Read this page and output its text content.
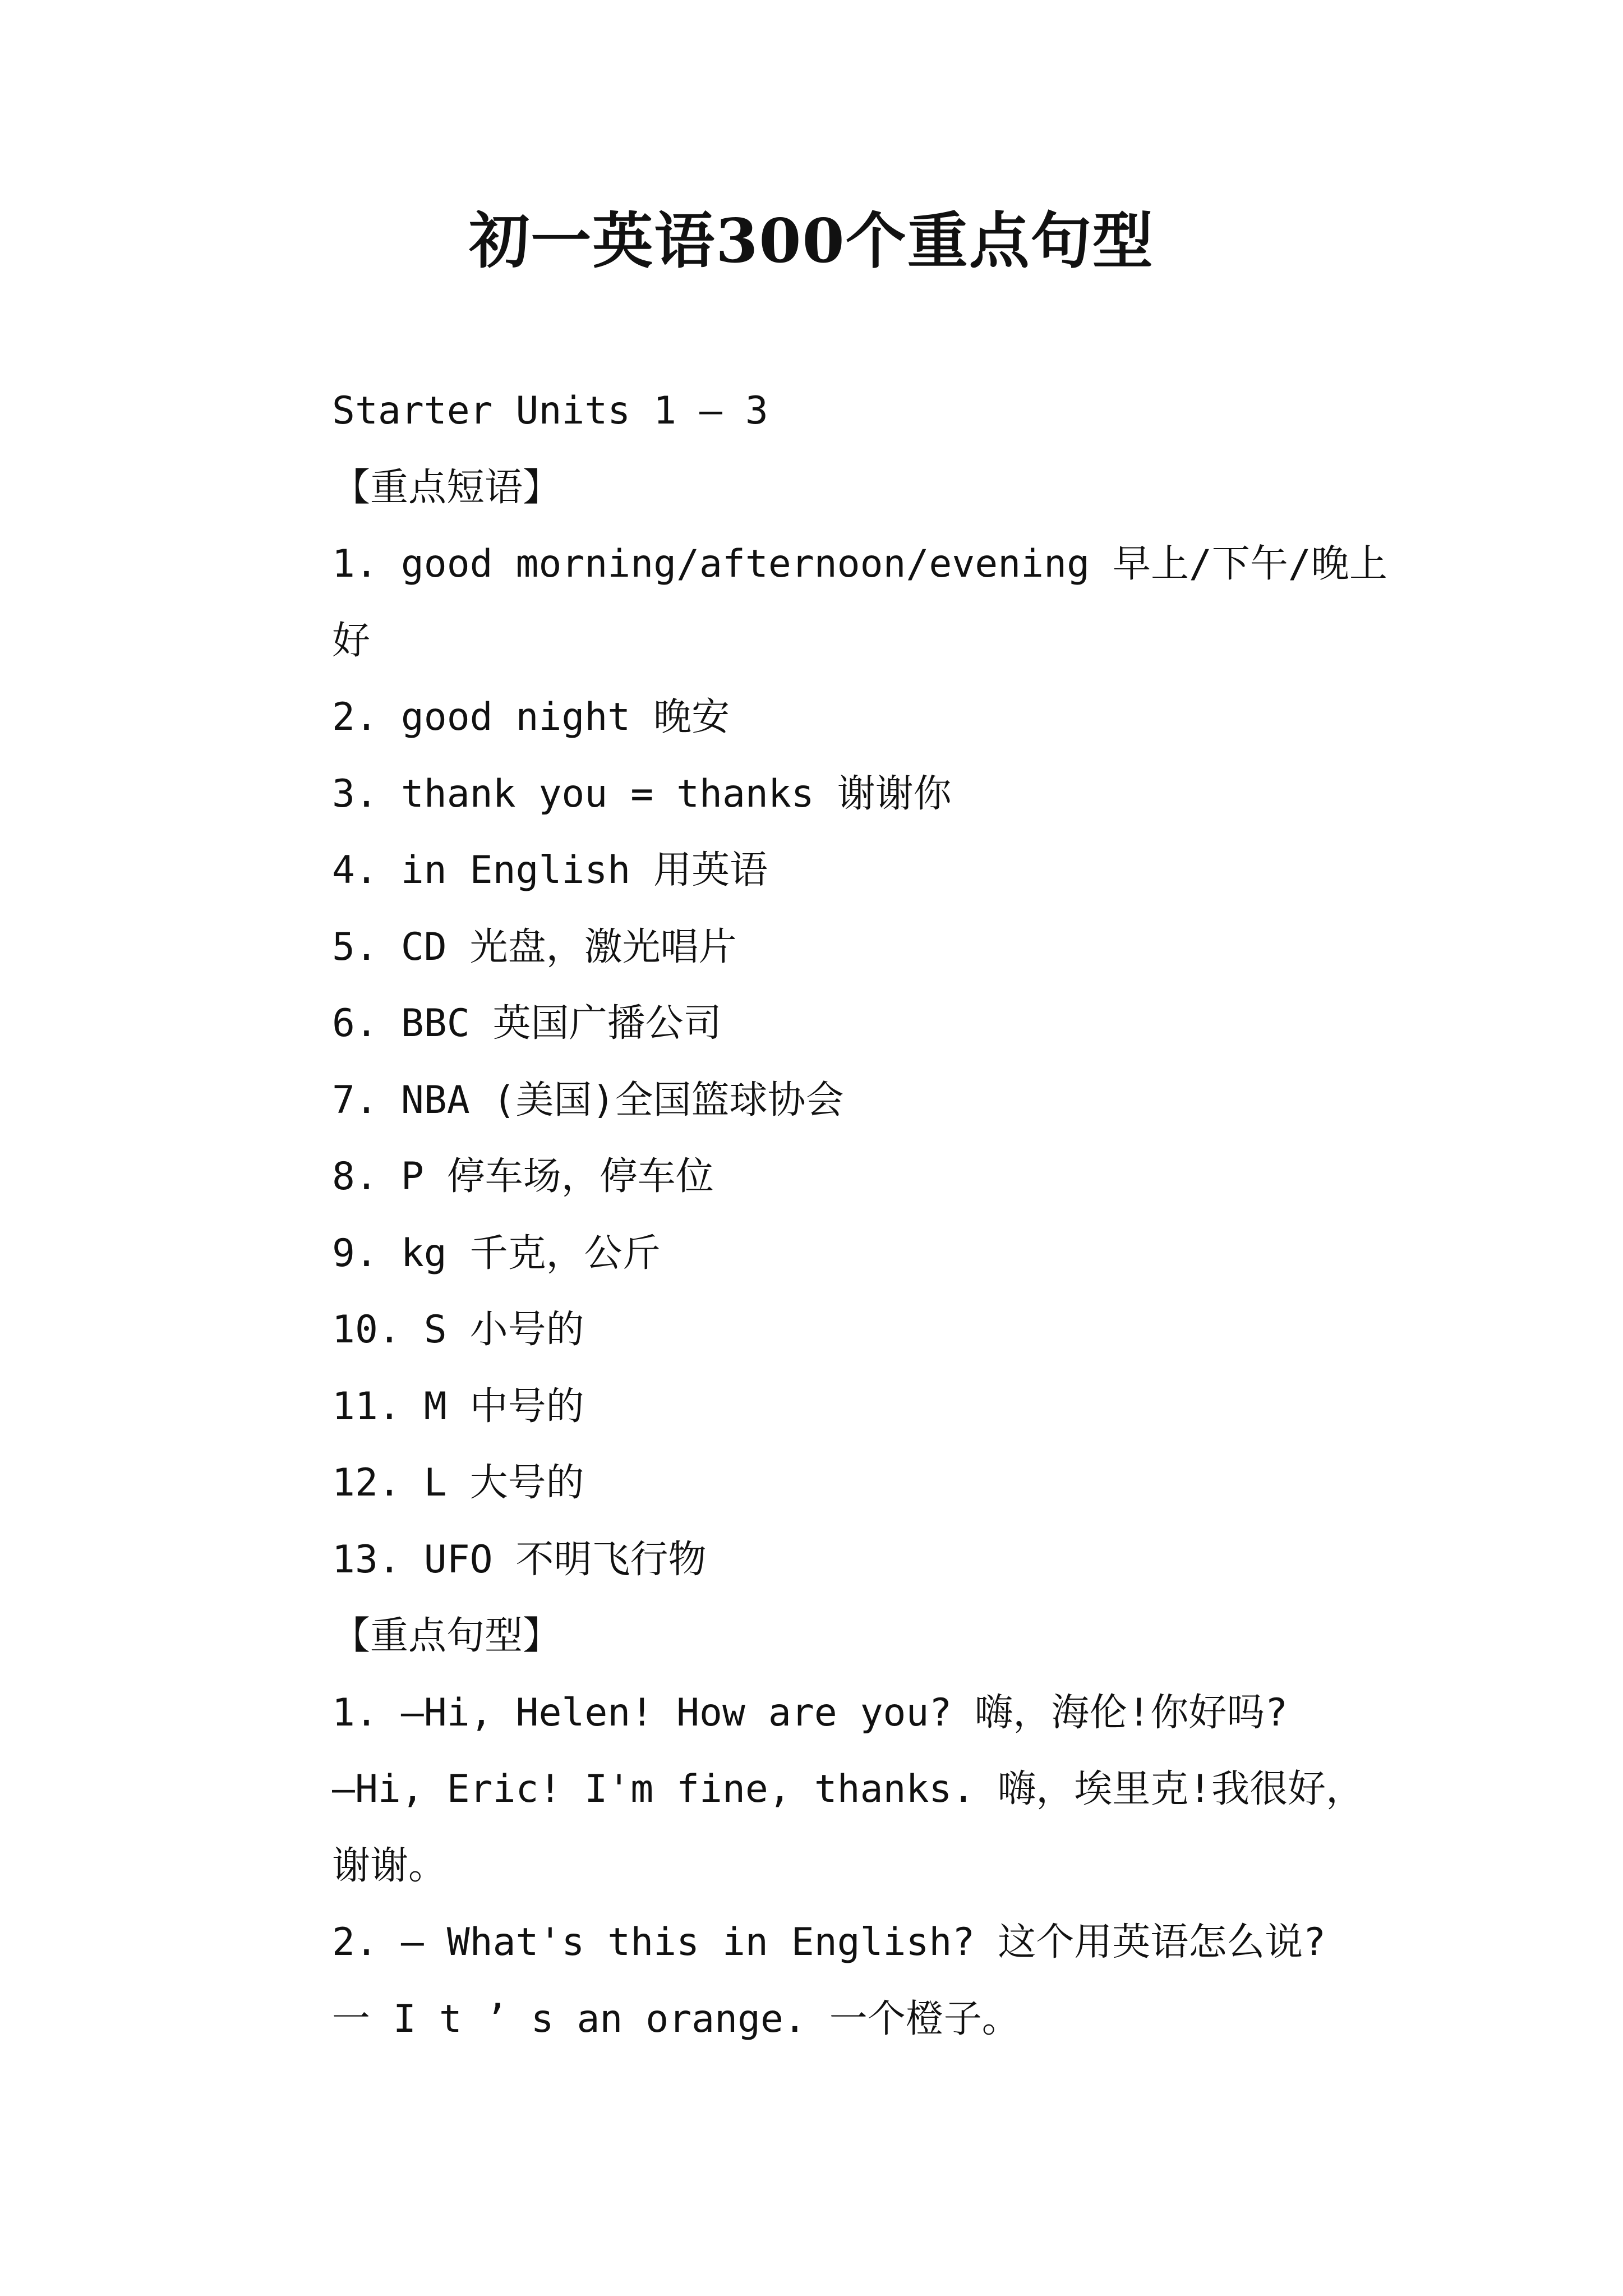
初一英语300个重点句型

Starter Units 1 — 3

【重点短语】

1. good morning/afternoon/evening 早上/下午/晚上好

2. good night 晚安

3. thank you = thanks 谢谢你

4. in English 用英语

5. CD 光盘，激光唱片

6. BBC 英国广播公司

7. NBA (美国)全国篮球协会

8. P 停车场，停车位

9. kg 千克，公斤

10. S 小号的

11. M 中号的

12. L 大号的

13. UFO 不明飞行物

【重点句型】

1. —Hi, Helen! How are you? 嗨，海伦!你好吗?

—Hi, Eric! I'm fine, thanks. 嗨，埃里克!我很好，谢谢。

2. — What's this in English? 这个用英语怎么说?

一 I t ’ s an orange. 一个橙子。
